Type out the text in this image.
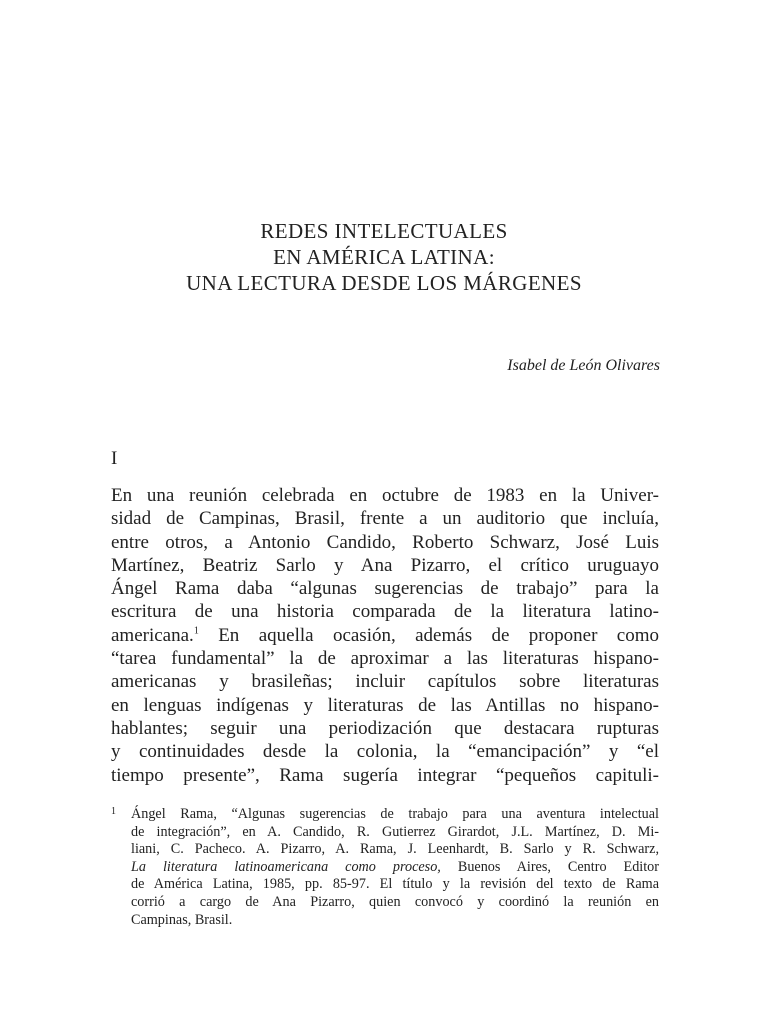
REDES INTELECTUALES
EN AMÉRICA LATINA:
UNA LECTURA DESDE LOS MÁRGENES
Isabel de León Olivares
I
En una reunión celebrada en octubre de 1983 en la Univer-
sidad de Campinas, Brasil, frente a un auditorio que incluía,
entre otros, a Antonio Candido, Roberto Schwarz, José Luis
Martínez, Beatriz Sarlo y Ana Pizarro, el crítico uruguayo
Ángel Rama daba “algunas sugerencias de trabajo” para la
escritura de una historia comparada de la literatura latino-
americana.$^1$ En aquella ocasión, además de proponer como
“tarea fundamental” la de aproximar a las literaturas hispano-
americanas y brasileñas; incluir capítulos sobre literaturas
en lenguas indígenas y literaturas de las Antillas no hispano-
hablantes; seguir una periodización que destacara rupturas
y continuidades desde la colonia, la “emancipación” y “el
tiempo presente”, Rama sugería integrar “pequeños capituli-
1 Ángel Rama, “Algunas sugerencias de trabajo para una aventura intelectual
de integración”, en A. Candido, R. Gutierrez Girardot, J.L. Martínez, D. Mi-
liani, C. Pacheco. A. Pizarro, A. Rama, J. Leenhardt, B. Sarlo y R. Schwarz,
La literatura latinoamericana como proceso, Buenos Aires, Centro Editor
de América Latina, 1985, pp. 85-97. El título y la revisión del texto de Rama
corrió a cargo de Ana Pizarro, quien convocó y coordinó la reunión en
Campinas, Brasil.
